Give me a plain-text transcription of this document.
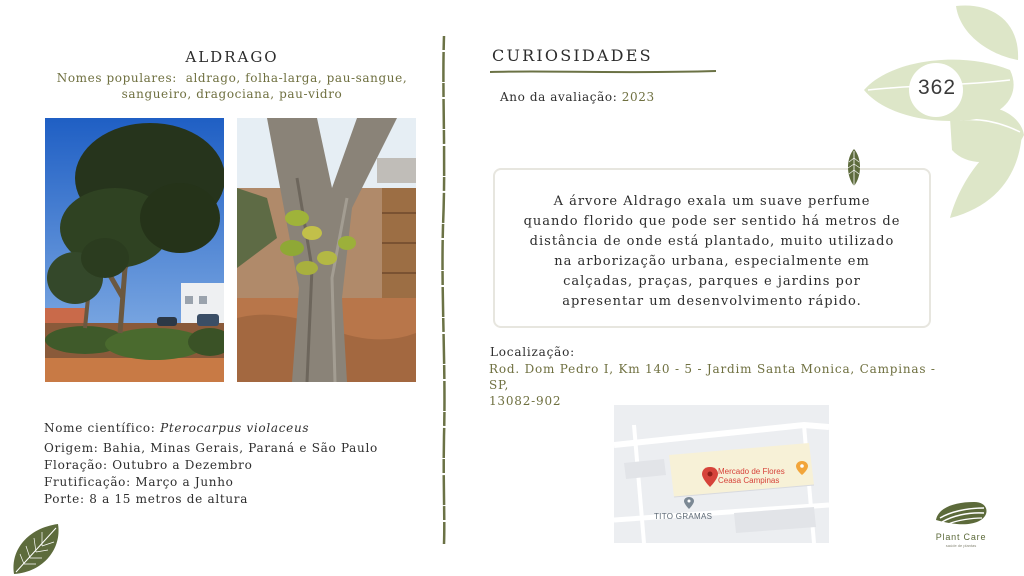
ALDRAGO
Nomes populares: aldrago, folha-larga, pau-sangue,
sangueiro, dragociana, pau-vidro
Nome científico: Pterocarpus violaceus
Origem: Bahia, Minas Gerais, Paraná e São Paulo
Floração: Outubro a Dezembro
Frutificação: Março a Junho
Porte: 8 a 15 metros de altura
CURIOSIDADES
Ano da avaliação: 2023
A árvore Aldrago exala um suave perfume
quando florido que pode ser sentido há metros de
distância de onde está plantado, muito utilizado
na arborização urbana, especialmente em
calçadas, praças, parques e jardins por
apresentar um desenvolvimento rápido.
Localização:
Rod. Dom Pedro I, Km 140 - 5 - Jardim Santa Monica, Campinas - SP,
13082-902
Mercado de Flores
Ceasa Campinas
TITO GRAMAS
362
Plant Care
saúde de plantas
